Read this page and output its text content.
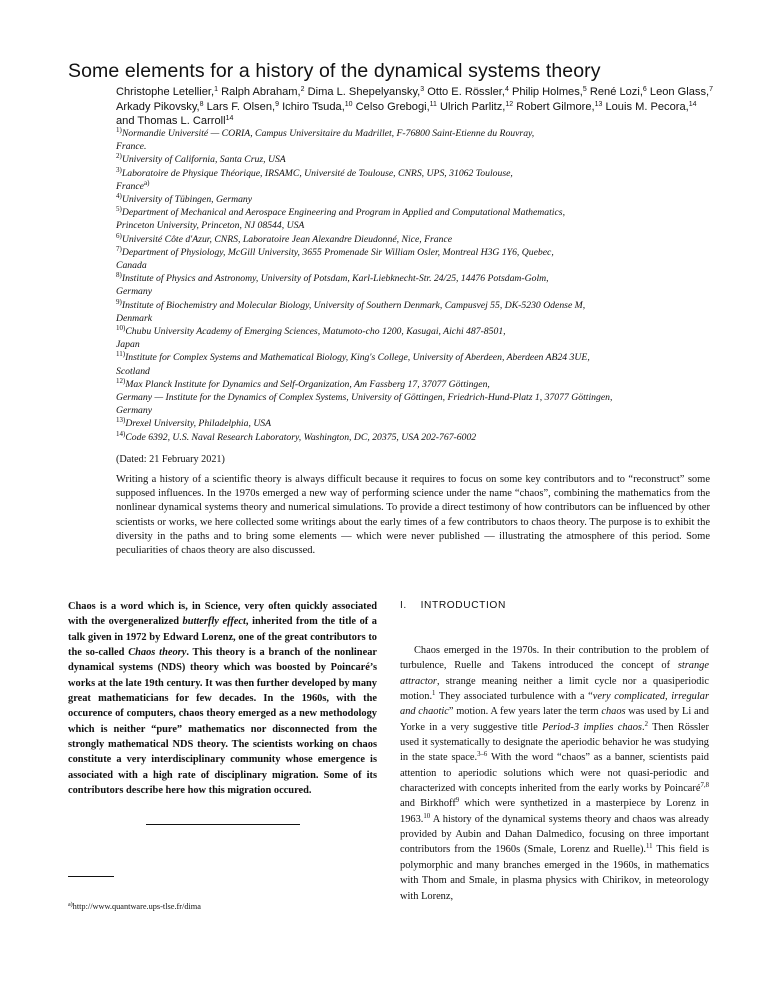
Some elements for a history of the dynamical systems theory
Christophe Letellier,$^1$ Ralph Abraham,$^2$ Dima L. Shepelyansky,$^3$ Otto E. Rössler,$^4$ Philip Holmes,$^5$ René Lozi,$^6$ Leon Glass,$^7$ Arkady Pikovsky,$^8$ Lars F. Olsen,$^9$ Ichiro Tsuda,$^{10}$ Celso Grebogi,$^{11}$ Ulrich Parlitz,$^{12}$ Robert Gilmore,$^{13}$ Louis M. Pecora,$^{14}$ and Thomas L. Carroll$^{14}$
$^{1)}$Normandie Université — CORIA, Campus Universitaire du Madrillet, F-76800 Saint-Etienne du Rouvray,
France.
$^{2)}$University of California, Santa Cruz, USA
$^{3)}$Laboratoire de Physique Théorique, IRSAMC, Université de Toulouse, CNRS, UPS, 31062 Toulouse,
France$^{a)}$
$^{4)}$University of Tübingen, Germany
$^{5)}$Department of Mechanical and Aerospace Engineering and Program in Applied and Computational Mathematics,
Princeton University, Princeton, NJ 08544, USA
$^{6)}$Université Côte d'Azur, CNRS, Laboratoire Jean Alexandre Dieudonné, Nice, France
$^{7)}$Department of Physiology, McGill University, 3655 Promenade Sir William Osler, Montreal H3G 1Y6, Quebec,
Canada
$^{8)}$Institute of Physics and Astronomy, University of Potsdam, Karl-Liebknecht-Str. 24/25, 14476 Potsdam-Golm,
Germany
$^{9)}$Institute of Biochemistry and Molecular Biology, University of Southern Denmark, Campusvej 55, DK-5230 Odense M,
Denmark
$^{10)}$Chubu University Academy of Emerging Sciences, Matumoto-cho 1200, Kasugai, Aichi 487-8501,
Japan
$^{11)}$Institute for Complex Systems and Mathematical Biology, King's College, University of Aberdeen, Aberdeen AB24 3UE,
Scotland
$^{12)}$Max Planck Institute for Dynamics and Self-Organization, Am Fassberg 17, 37077 Göttingen,
Germany — Institute for the Dynamics of Complex Systems, University of Göttingen, Friedrich-Hund-Platz 1, 37077 Göttingen,
Germany
$^{13)}$Drexel University, Philadelphia, USA
$^{14)}$Code 6392, U.S. Naval Research Laboratory, Washington, DC, 20375, USA 202-767-6002
(Dated: 21 February 2021)
Writing a history of a scientific theory is always difficult because it requires to focus on some key contributors and to “reconstruct” some supposed influences. In the 1970s emerged a new way of performing science under the name “chaos”, combining the mathematics from the nonlinear dynamical systems theory and numerical simulations. To provide a direct testimony of how contributors can be influenced by other scientists or works, we here collected some writings about the early times of a few contributors to chaos theory. The purpose is to exhibit the diversity in the paths and to bring some elements — which were never published — illustrating the atmosphere of this period. Some peculiarities of chaos theory are also discussed.
Chaos is a word which is, in Science, very often quickly associated with the overgeneralized butterfly effect, inherited from the title of a talk given in 1972 by Edward Lorenz, one of the great contributors to the so-called Chaos theory. This theory is a branch of the nonlinear dynamical systems (NDS) theory which was boosted by Poincaré’s works at the late 19th century. It was then further developed by many great mathematicians for few decades. In the 1960s, with the occurence of computers, chaos theory emerged as a new methodology which is neither “pure” mathematics nor disconnected from the strongly mathematical NDS theory. The scientists working on chaos constitute a very interdisciplinary community whose emergence is associated with a high rate of disciplinary migration. Some of its contributors describe here how this migration occured.
$^{a)}$http://www.quantware.ups-tlse.fr/dima
I. INTRODUCTION
Chaos emerged in the 1970s. In their contribution to the problem of turbulence, Ruelle and Takens introduced the concept of strange attractor, strange meaning neither a limit cycle nor a quasiperiodic motion.$^1$ They associated turbulence with a “very complicated, irregular and chaotic” motion. A few years later the term chaos was used by Li and Yorke in a very suggestive title Period-3 implies chaos.$^2$ Then Rössler used it systematically to designate the aperiodic behavior he was studying in the state space.$^{3-6}$ With the word “chaos” as a banner, scientists paid attention to aperiodic solutions which were not quasi-periodic and characterized with concepts inherited from the early works by Poincaré$^{7,8}$ and Birkhoff$^9$ which were synthetized in a masterpiece by Lorenz in 1963.10 A history of the dynamical systems theory and chaos was already provided by Aubin and Dahan Dalmedico, focusing on three important contributors from the 1960s (Smale, Lorenz and Ruelle).$^{11}$ This field is polymorphic and many branches emerged in the 1960s, in mathematics with Thom and Smale, in plasma physics with Chirikov, in meteorology with Lorenz,
